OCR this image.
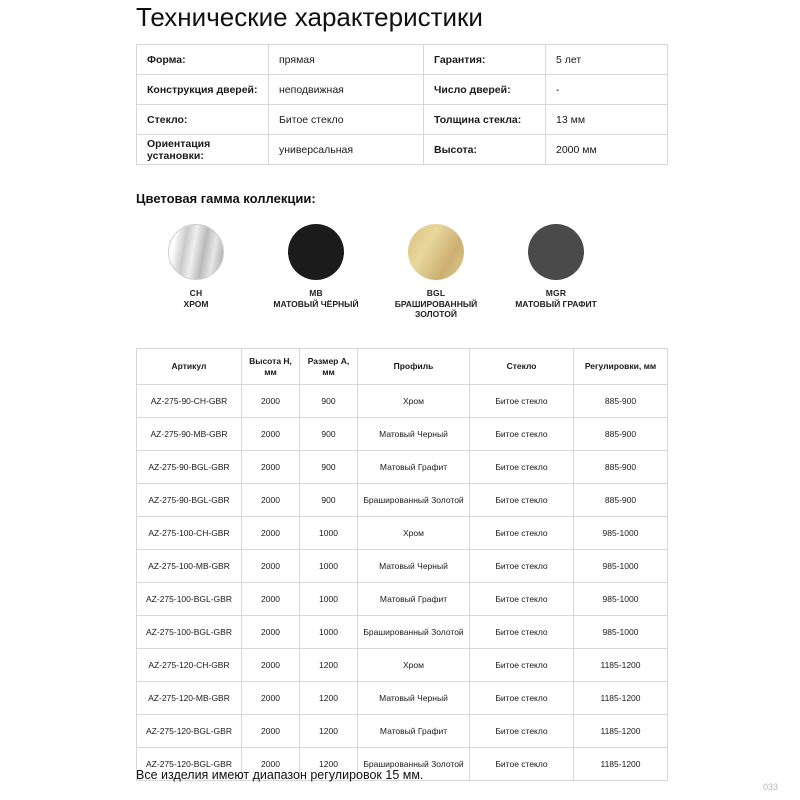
Технические характеристики
Форма:	прямая	Гарантия:	5 лет
Конструкция дверей:	неподвижная	Число дверей:	-
Стекло:	Битое стекло	Толщина стекла:	13 мм
Ориентация установки:	универсальная	Высота:	2000 мм
Цветовая гамма коллекции:
CH
ХРОМ
MB
МАТОВЫЙ ЧЁРНЫЙ
BGL
БРАШИРОВАННЫЙ ЗОЛОТОЙ
MGR
МАТОВЫЙ ГРАФИТ
Артикул	Высота H, мм	Размер A, мм	Профиль	Стекло	Регулировки, мм
AZ-275-90-CH-GBR	2000	900	Хром	Битое стекло	885-900
AZ-275-90-MB-GBR	2000	900	Матовый Черный	Битое стекло	885-900
AZ-275-90-BGL-GBR	2000	900	Матовый Графит	Битое стекло	885-900
AZ-275-90-BGL-GBR	2000	900	Брашированный Золотой	Битое стекло	885-900
AZ-275-100-CH-GBR	2000	1000	Хром	Битое стекло	985-1000
AZ-275-100-MB-GBR	2000	1000	Матовый Черный	Битое стекло	985-1000
AZ-275-100-BGL-GBR	2000	1000	Матовый Графит	Битое стекло	985-1000
AZ-275-100-BGL-GBR	2000	1000	Брашированный Золотой	Битое стекло	985-1000
AZ-275-120-CH-GBR	2000	1200	Хром	Битое стекло	1185-1200
AZ-275-120-MB-GBR	2000	1200	Матовый Черный	Битое стекло	1185-1200
AZ-275-120-BGL-GBR	2000	1200	Матовый Графит	Битое стекло	1185-1200
AZ-275-120-BGL-GBR	2000	1200	Брашированный Золотой	Битое стекло	1185-1200
Все изделия имеют диапазон регулировок 15 мм.
033
